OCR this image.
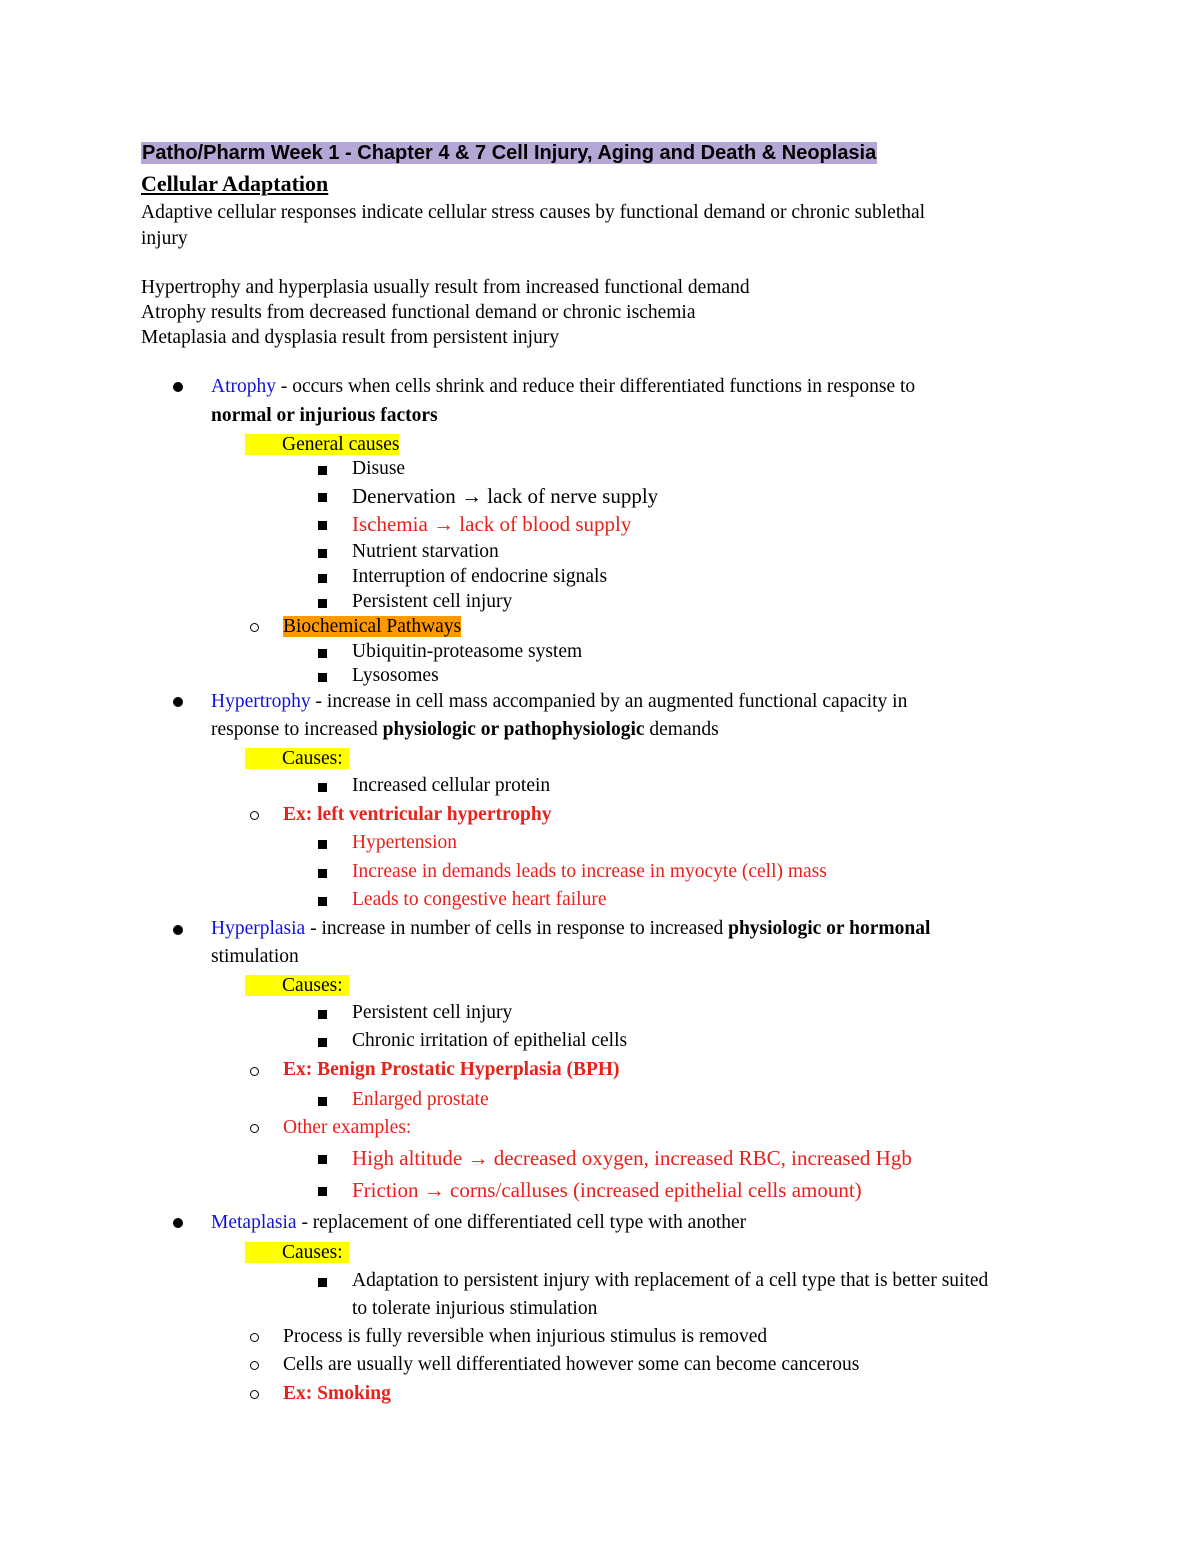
Patho/Pharm Week 1 - Chapter 4 & 7 Cell Injury, Aging and Death & Neoplasia
Cellular Adaptation
Adaptive cellular responses indicate cellular stress causes by functional demand or chronic sublethal
injury
Hypertrophy and hyperplasia usually result from increased functional demand
Atrophy results from decreased functional demand or chronic ischemia
Metaplasia and dysplasia result from persistent injury
Atrophy - occurs when cells shrink and reduce their differentiated functions in response to
normal or injurious factors
General causes
Disuse
Denervation → lack of nerve supply
Ischemia → lack of blood supply
Nutrient starvation
Interruption of endocrine signals
Persistent cell injury
Biochemical Pathways
Ubiquitin-proteasome system
Lysosomes
Hypertrophy - increase in cell mass accompanied by an augmented functional capacity in
response to increased physiologic or pathophysiologic demands
Causes:
Increased cellular protein
Ex: left ventricular hypertrophy
Hypertension
Increase in demands leads to increase in myocyte (cell) mass
Leads to congestive heart failure
Hyperplasia - increase in number of cells in response to increased physiologic or hormonal
stimulation
Causes:
Persistent cell injury
Chronic irritation of epithelial cells
Ex: Benign Prostatic Hyperplasia (BPH)
Enlarged prostate
Other examples:
High altitude → decreased oxygen, increased RBC, increased Hgb
Friction → corns/calluses (increased epithelial cells amount)
Metaplasia - replacement of one differentiated cell type with another
Causes:
Adaptation to persistent injury with replacement of a cell type that is better suited
to tolerate injurious stimulation
Process is fully reversible when injurious stimulus is removed
Cells are usually well differentiated however some can become cancerous
Ex: Smoking
